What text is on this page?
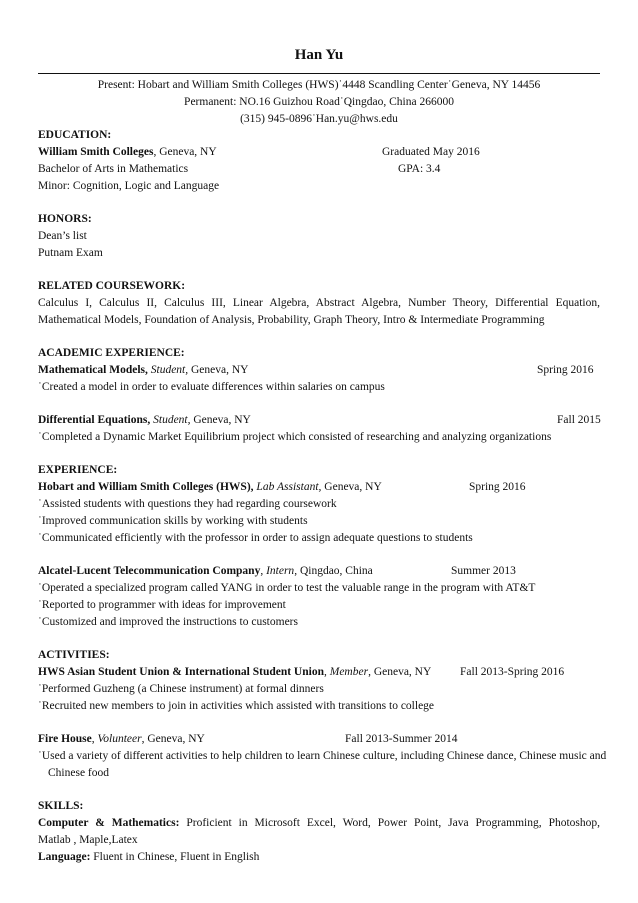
Han Yu
Present: Hobart and William Smith Colleges (HWS)˙4448 Scandling Center˙Geneva, NY 14456
Permanent: NO.16 Guizhou Road˙Qingdao, China 266000
(315) 945-0896˙Han.yu@hws.edu
EDUCATION:
William Smith Colleges, Geneva, NY	Graduated May 2016
Bachelor of Arts in Mathematics	GPA: 3.4
Minor: Cognition, Logic and Language
HONORS:
Dean’s list
Putnam Exam
RELATED COURSEWORK:
Calculus I, Calculus II, Calculus III, Linear Algebra, Abstract Algebra, Number Theory, Differential Equation,
Mathematical Models, Foundation of Analysis, Probability, Graph Theory, Intro & Intermediate Programming
ACADEMIC EXPERIENCE:
Mathematical Models, Student, Geneva, NY	Spring 2016
˙Created a model in order to evaluate differences within salaries on campus
Differential Equations, Student, Geneva, NY	Fall 2015
˙Completed a Dynamic Market Equilibrium project which consisted of researching and analyzing organizations
EXPERIENCE:
Hobart and William Smith Colleges (HWS), Lab Assistant, Geneva, NY	Spring 2016
˙Assisted students with questions they had regarding coursework
˙Improved communication skills by working with students
˙Communicated efficiently with the professor in order to assign adequate questions to students
Alcatel-Lucent Telecommunication Company, Intern, Qingdao, China	Summer 2013
˙Operated a specialized program called YANG in order to test the valuable range in the program with AT&T
˙Reported to programmer with ideas for improvement
˙Customized and improved the instructions to customers
ACTIVITIES:
HWS Asian Student Union & International Student Union, Member, Geneva, NY Fall 2013-Spring 2016
˙Performed Guzheng (a Chinese instrument) at formal dinners
˙Recruited new members to join in activities which assisted with transitions to college
Fire House, Volunteer, Geneva, NY	Fall 2013-Summer 2014
˙Used a variety of different activities to help children to learn Chinese culture, including Chinese dance, Chinese music and
Chinese food
SKILLS:
Computer & Mathematics: Proficient in Microsoft Excel, Word, Power Point, Java Programming, Photoshop,
Matlab , Maple,Latex
Language: Fluent in Chinese, Fluent in English
